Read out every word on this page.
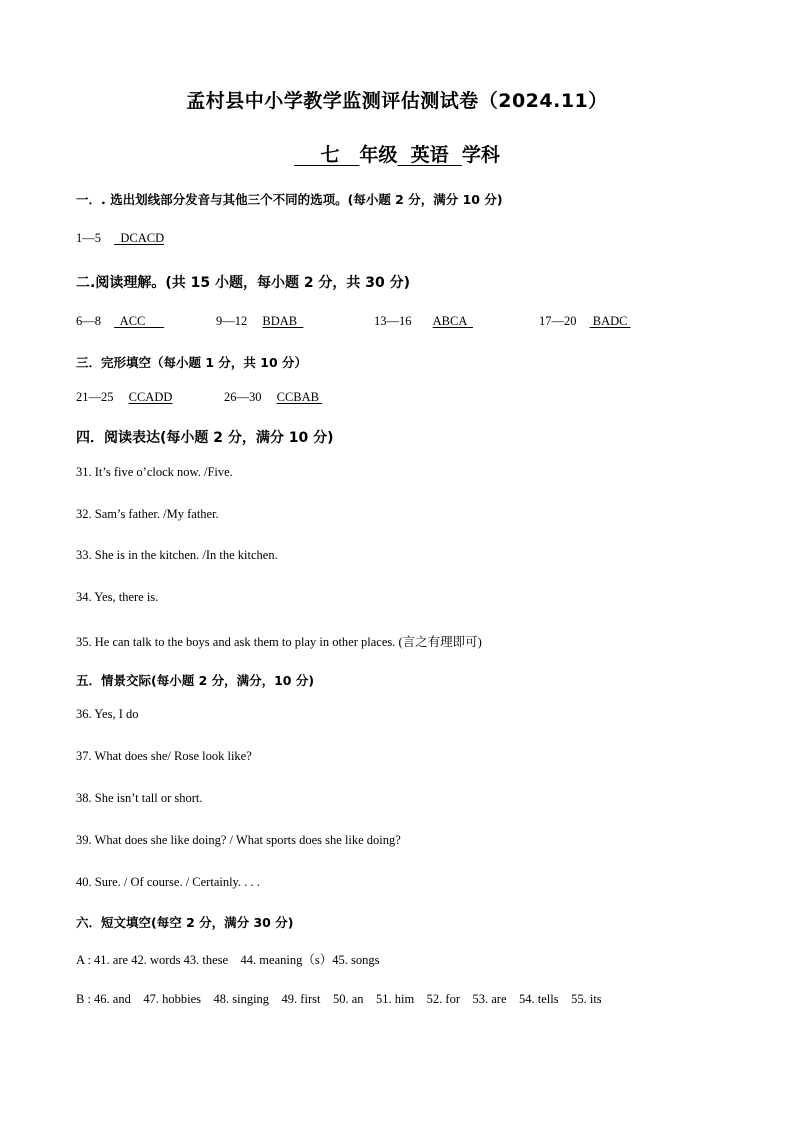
孟村县中小学教学监测评估测试卷（2024.11）
七   年级  英语  学科
一．. 选出划线部分发音与其他三个不同的选项。(每小题 2 分，满分 10 分)
1—5   DCACD
二.阅读理解。(共 15 小题，每小题 2 分，共 30 分)
6—8   ACC	9—12 BDAB	13—16 ABCA	17—20  BADC
三．完形填空（每小题 1 分，共 10 分）
21—25 CCADD	26—30 CCBAB
四．阅读表达(每小题 2 分，满分 10 分)
31. It’s five o’clock now. /Five.
32. Sam’s father. /My father.
33. She is in the kitchen. /In the kitchen.
34. Yes, there is.
35. He can talk to the boys and ask them to play in other places. (言之有理即可)
五．情景交际(每小题 2 分，满分，10 分)
36. Yes, I do
37. What does she/ Rose look like?
38. She isn’t tall or short.
39. What does she like doing? / What sports does she like doing?
40. Sure. / Of course. / Certainly. . . .
六．短文填空(每空 2 分，满分 30 分)
A : 41. are 42. words 43. these    44. meaning（s）45. songs
B : 46. and    47. hobbies    48. singing    49. first    50. an    51. him    52. for    53. are    54. tells    55. its
